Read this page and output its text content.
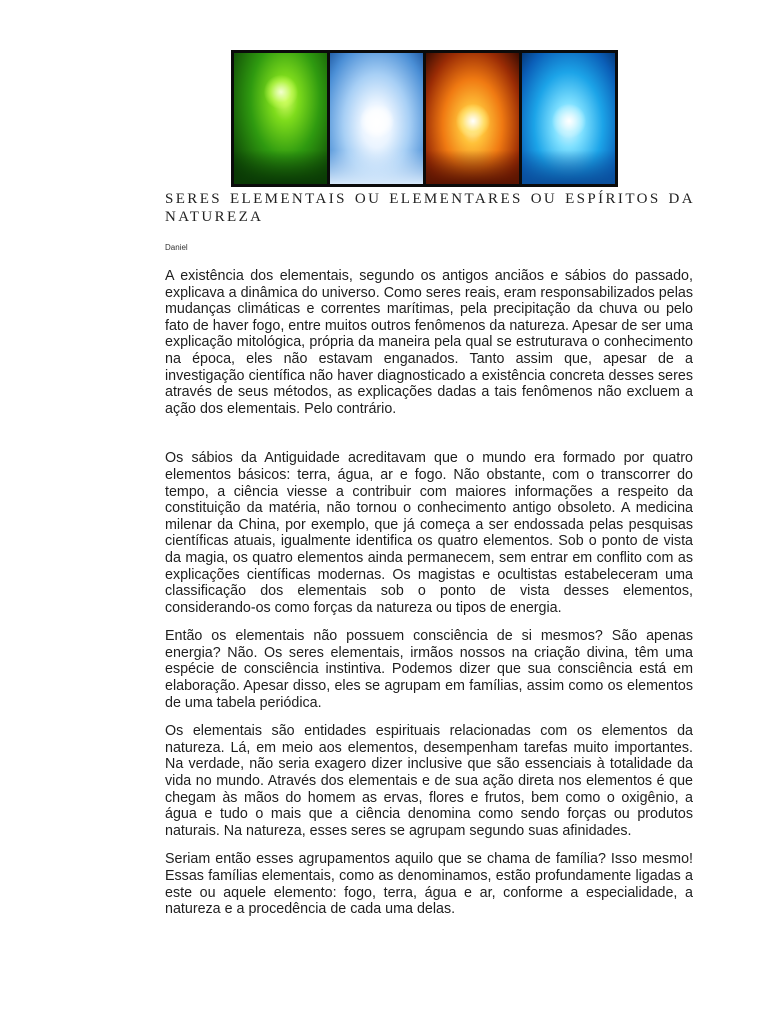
SERES ELEMENTAIS OU ELEMENTARES OU ESPÍRITOS DA NATUREZA
Daniel

A existência dos elementais, segundo os antigos anciãos e sábios do passado, explicava a dinâmica do universo. Como seres reais, eram responsabilizados pelas mudanças climáticas e correntes marítimas, pela precipitação da chuva ou pelo fato de haver fogo, entre muitos outros fenômenos da natureza. Apesar de ser uma explicação mitológica, própria da maneira pela qual se estruturava o conhecimento na época, eles não estavam enganados. Tanto assim que, apesar de a investigação científica não haver diagnosticado a existência concreta desses seres através de seus métodos, as explicações dadas a tais fenômenos não excluem a ação dos elementais. Pelo contrário.

Os sábios da Antiguidade acreditavam que o mundo era formado por quatro elementos básicos: terra, água, ar e fogo. Não obstante, com o transcorrer do tempo, a ciência viesse a contribuir com maiores informações a respeito da constituição da matéria, não tornou o conhecimento antigo obsoleto. A medicina milenar da China, por exemplo, que já começa a ser endossada pelas pesquisas científicas atuais, igualmente identifica os quatro elementos. Sob o ponto de vista da magia, os quatro elementos ainda permanecem, sem entrar em conflito com as explicações científicas modernas. Os magistas e ocultistas estabeleceram uma classificação dos elementais sob o ponto de vista desses elementos, considerando-os como forças da natureza ou tipos de energia.

Então os elementais não possuem consciência de si mesmos? São apenas energia? Não. Os seres elementais, irmãos nossos na criação divina, têm uma espécie de consciência instintiva. Podemos dizer que sua consciência está em elaboração. Apesar disso, eles se agrupam em famílias, assim como os elementos de uma tabela periódica.

Os elementais são entidades espirituais relacionadas com os elementos da natureza. Lá, em meio aos elementos, desempenham tarefas muito importantes. Na verdade, não seria exagero dizer inclusive que são essenciais à totalidade da vida no mundo. Através dos elementais e de sua ação direta nos elementos é que chegam às mãos do homem as ervas, flores e frutos, bem como o oxigênio, a água e tudo o mais que a ciência denomina como sendo forças ou produtos naturais. Na natureza, esses seres se agrupam segundo suas afinidades.

Seriam então esses agrupamentos aquilo que se chama de família? Isso mesmo! Essas famílias elementais, como as denominamos, estão profundamente ligadas a este ou aquele elemento: fogo, terra, água e ar, conforme a especialidade, a natureza e a procedência de cada uma delas.
